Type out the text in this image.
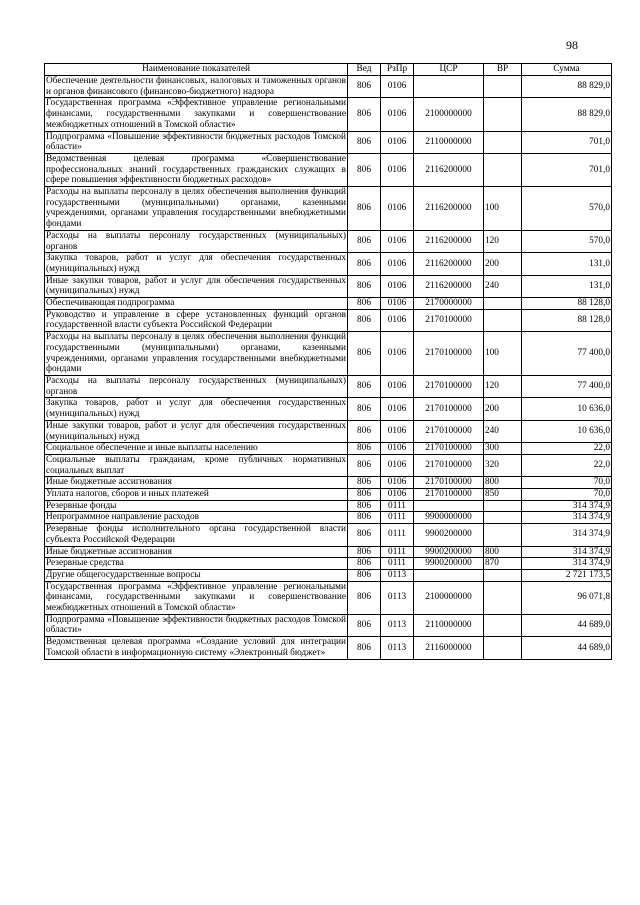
98
Наименование показателей	Вед	РзПр	ЦСР	ВР	Сумма
Обеспечение деятельности финансовых, налоговых и таможенных органов и органов финансового (финансово-бюджетного) надзора	806	0106			88 829,0
Государственная программа «Эффективное управление региональными финансами, государственными закупками и совершенствование межбюджетных отношений в Томской области»	806	0106	2100000000		88 829,0
Подпрограмма «Повышение эффективности бюджетных расходов Томской области»	806	0106	2110000000		701,0
Ведомственная целевая программа «Совершенствование профессиональных знаний государственных гражданских служащих в сфере повышения эффективности бюджетных расходов»	806	0106	2116200000		701,0
Расходы на выплаты персоналу в целях обеспечения выполнения функций государственными (муниципальными) органами, казенными учреждениями, органами управления государственными внебюджетными фондами	806	0106	2116200000	100	570,0
Расходы на выплаты персоналу государственных (муниципальных) органов	806	0106	2116200000	120	570,0
Закупка товаров, работ и услуг для обеспечения государственных (муниципальных) нужд	806	0106	2116200000	200	131,0
Иные закупки товаров, работ и услуг для обеспечения государственных (муниципальных) нужд	806	0106	2116200000	240	131,0
Обеспечивающая подпрограмма	806	0106	2170000000		88 128,0
Руководство и управление в сфере установленных функций органов государственной власти субъекта Российской Федерации	806	0106	2170100000		88 128,0
Расходы на выплаты персоналу в целях обеспечения выполнения функций государственными (муниципальными) органами, казенными учреждениями, органами управления государственными внебюджетными фондами	806	0106	2170100000	100	77 400,0
Расходы на выплаты персоналу государственных (муниципальных) органов	806	0106	2170100000	120	77 400,0
Закупка товаров, работ и услуг для обеспечения государственных (муниципальных) нужд	806	0106	2170100000	200	10 636,0
Иные закупки товаров, работ и услуг для обеспечения государственных (муниципальных) нужд	806	0106	2170100000	240	10 636,0
Социальное обеспечение и иные выплаты населению	806	0106	2170100000	300	22,0
Социальные выплаты гражданам, кроме публичных нормативных социальных выплат	806	0106	2170100000	320	22,0
Иные бюджетные ассигнования	806	0106	2170100000	800	70,0
Уплата налогов, сборов и иных платежей	806	0106	2170100000	850	70,0
Резервные фонды	806	0111			314 374,9
Непрограммное направление расходов	806	0111	9900000000		314 374,9
Резервные фонды исполнительного органа государственной власти субъекта Российской Федерации	806	0111	9900200000		314 374,9
Иные бюджетные ассигнования	806	0111	9900200000	800	314 374,9
Резервные средства	806	0111	9900200000	870	314 374,9
Другие общегосударственные вопросы	806	0113			2 721 173,5
Государственная программа «Эффективное управление региональными финансами, государственными закупками и совершенствование межбюджетных отношений в Томской области»	806	0113	2100000000		96 071,8
Подпрограмма «Повышение эффективности бюджетных расходов Томской области»	806	0113	2110000000		44 689,0
Ведомственная целевая программа «Создание условий для интеграции Томской области в информационную систему «Электронный бюджет»	806	0113	2116000000		44 689,0
